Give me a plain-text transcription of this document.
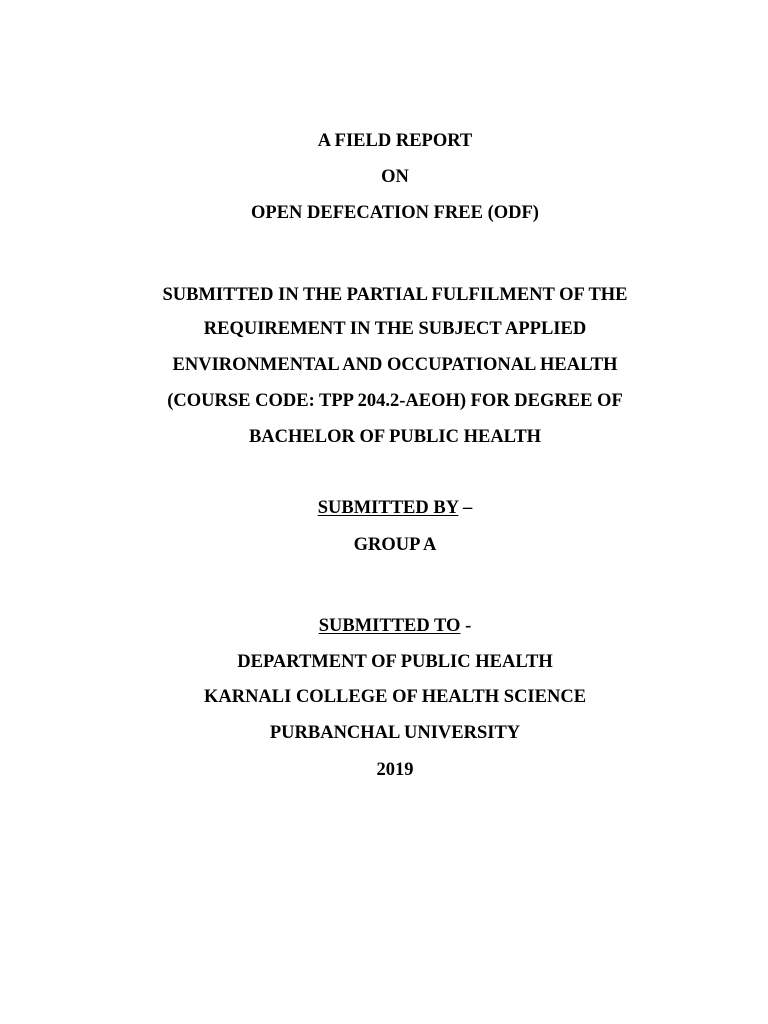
A FIELD REPORT
ON
OPEN DEFECATION FREE (ODF)
SUBMITTED IN THE PARTIAL FULFILMENT OF THE
REQUIREMENT IN THE SUBJECT APPLIED
ENVIRONMENTAL AND OCCUPATIONAL HEALTH
(COURSE CODE: TPP 204.2-AEOH) FOR DEGREE OF
BACHELOR OF PUBLIC HEALTH
SUBMITTED BY –
GROUP A
SUBMITTED TO -
DEPARTMENT OF PUBLIC HEALTH
KARNALI COLLEGE OF HEALTH SCIENCE
PURBANCHAL UNIVERSITY
2019
